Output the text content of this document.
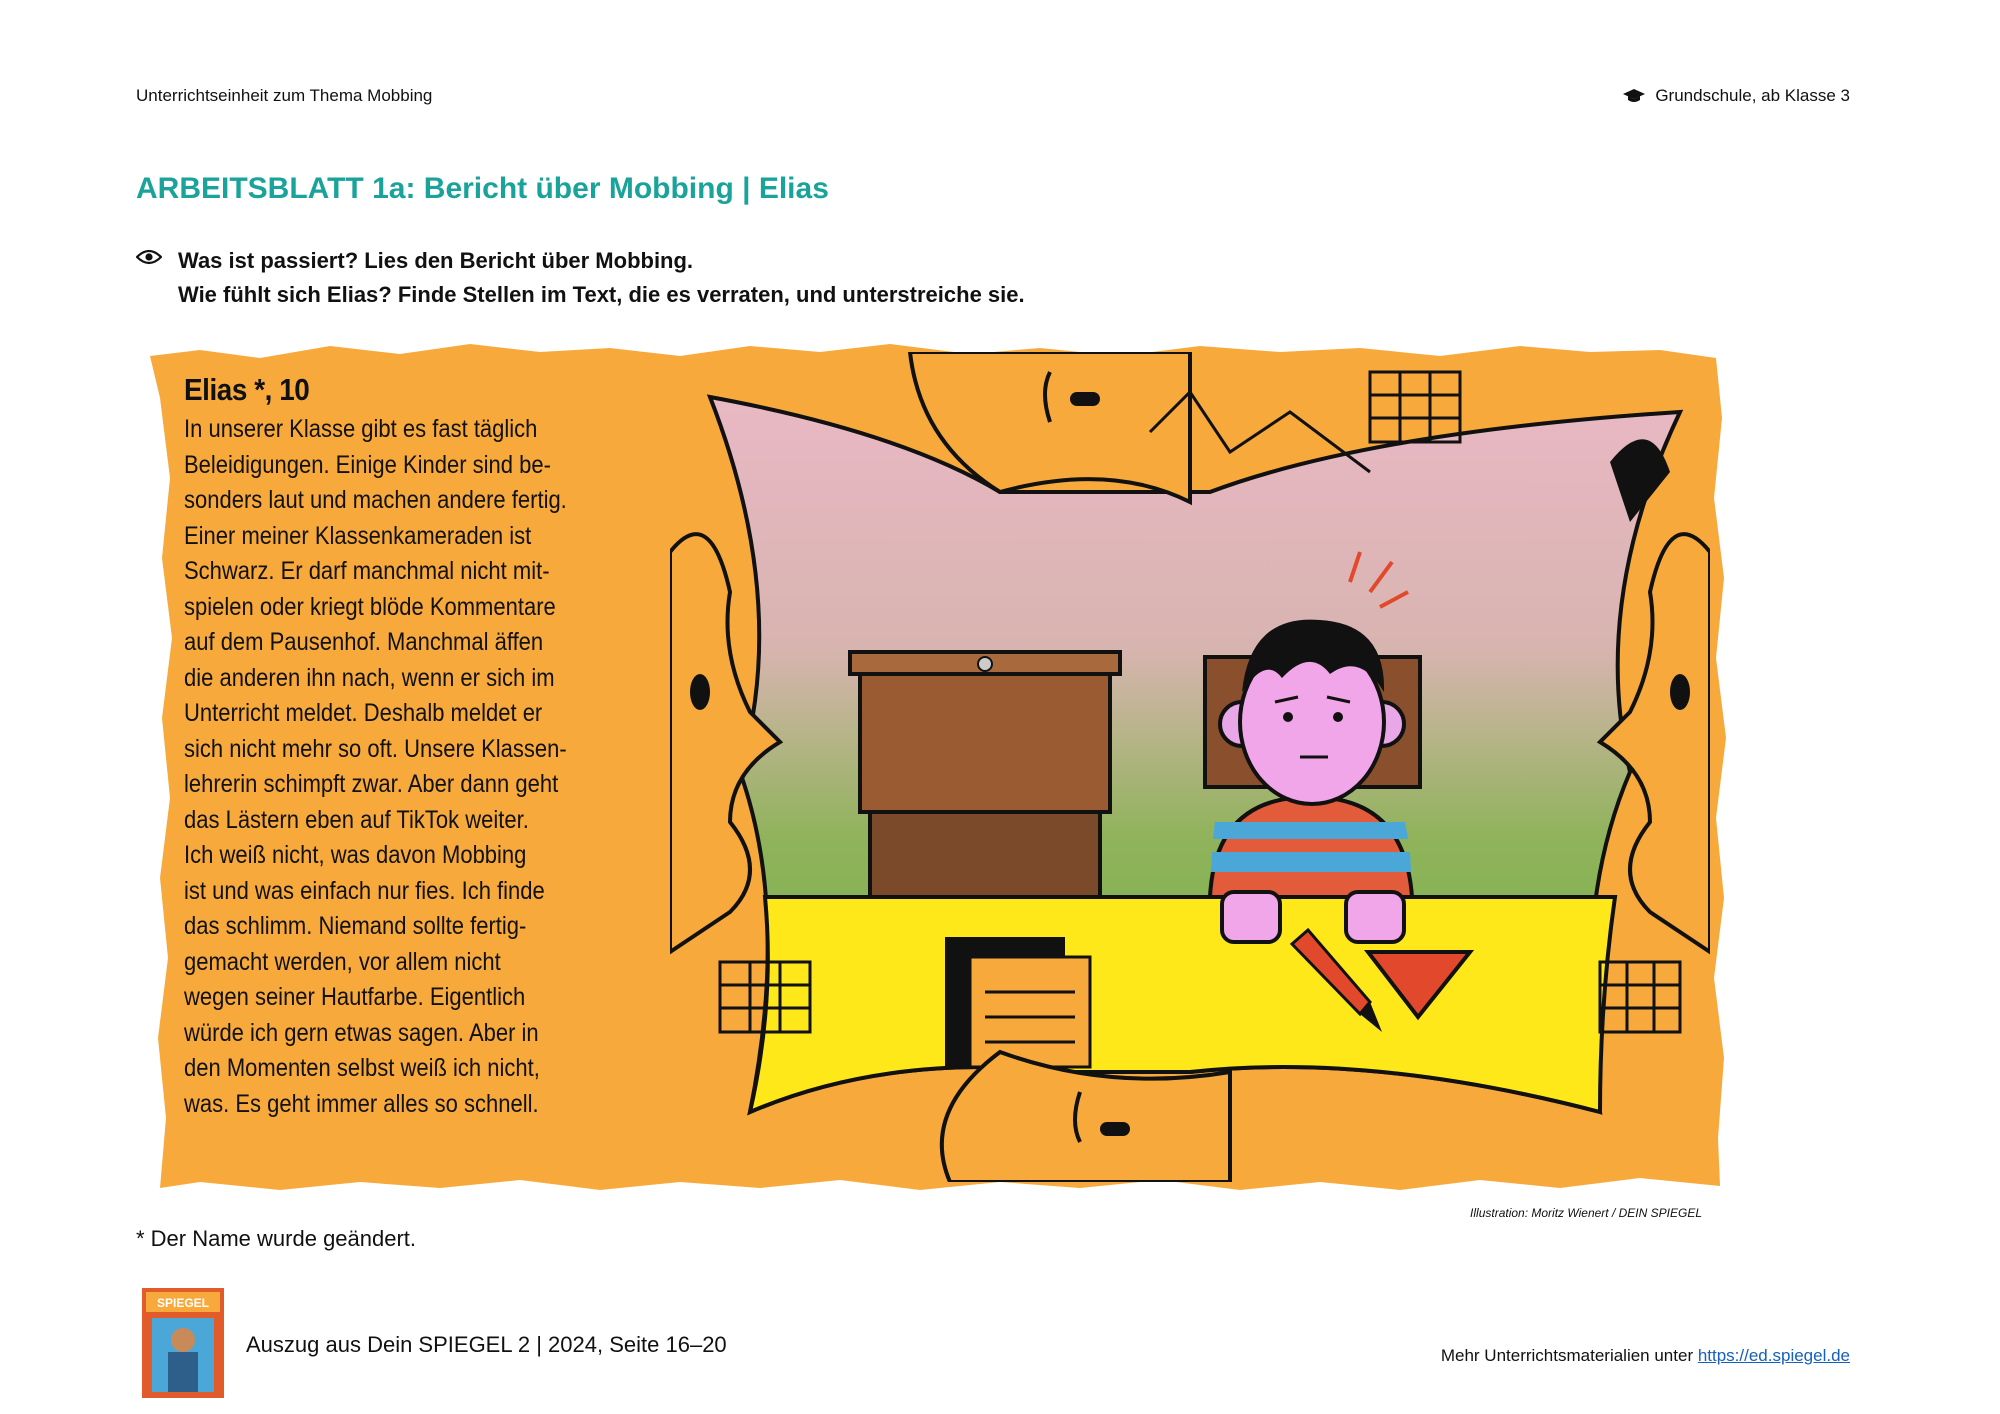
Unterrichtseinheit zum Thema Mobbing	Grundschule, ab Klasse 3
ARBEITSBLATT 1a: Bericht über Mobbing | Elias
Was ist passiert? Lies den Bericht über Mobbing.
Wie fühlt sich Elias? Finde Stellen im Text, die es verraten, und unterstreiche sie.
Elias *, 10
In unserer Klasse gibt es fast täglich
Beleidigungen. Einige Kinder sind be-
sonders laut und machen andere fertig.
Einer meiner Klassenkameraden ist
Schwarz. Er darf manchmal nicht mit-
spielen oder kriegt blöde Kommentare
auf dem Pausenhof. Manchmal äffen
die anderen ihn nach, wenn er sich im
Unterricht meldet. Deshalb meldet er
sich nicht mehr so oft. Unsere Klassen-
lehrerin schimpft zwar. Aber dann geht
das Lästern eben auf TikTok weiter.
Ich weiß nicht, was davon Mobbing
ist und was einfach nur fies. Ich finde
das schlimm. Niemand sollte fertig-
gemacht werden, vor allem nicht
wegen seiner Hautfarbe. Eigentlich
würde ich gern etwas sagen. Aber in
den Momenten selbst weiß ich nicht,
was. Es geht immer alles so schnell.
Illustration: Moritz Wienert / DEIN SPIEGEL
* Der Name wurde geändert.
SPIEGEL
Auszug aus Dein SPIEGEL 2 | 2024, Seite 16–20	Mehr Unterrichtsmaterialien unter https://ed.spiegel.de
